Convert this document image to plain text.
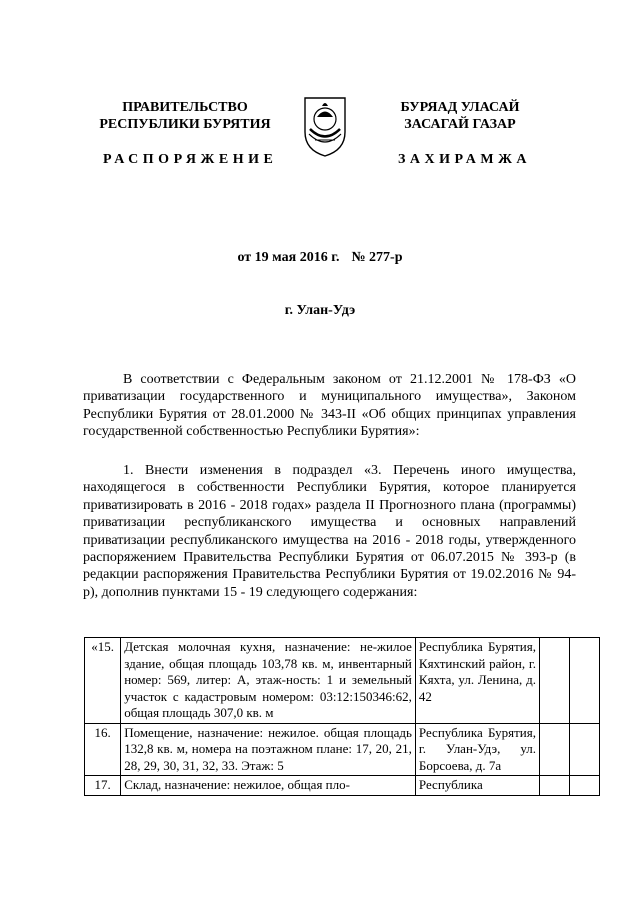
ПРАВИТЕЛЬСТВО
РЕСПУБЛИКИ БУРЯТИЯ
БУРЯАД УЛАСАЙ
ЗАСАГАЙ ГАЗАР
РАСПОРЯЖЕНИЕ	ЗАХИРАМЖА
от 19 мая 2016 г. № 277-р
г. Улан-Удэ
В соответствии с Федеральным законом от 21.12.2001 № 178-ФЗ «О приватизации государственного и муниципального имущества», Законом Республики Бурятия от 28.01.2000 № 343-II «Об общих принципах управления государственной собственностью Республики Бурятия»:
1. Внести изменения в подраздел «3. Перечень иного имущества, находящегося в собственности Республики Бурятия, которое планируется приватизировать в 2016 - 2018 годах» раздела II Прогнозного плана (программы) приватизации республиканского имущества и основных направлений приватизации республиканского имущества на 2016 - 2018 годы, утвержденного распоряжением Правительства Республики Бурятия от 06.07.2015 № 393-р (в редакции распоряжения Правительства Республики Бурятия от 19.02.2016 № 94-р), дополнив пунктами 15 - 19 следующего содержания:
«15.	Детская молочная кухня, назначение: не-жилое здание, общая площадь 103,78 кв. м, инвентарный номер: 569, литер: А, этаж-ность: 1 и земельный участок с кадастровым номером: 03:12:150346:62, общая площадь 307,0 кв. м	Республика Бурятия, Кяхтинский район, г. Кяхта, ул. Ленина, д. 42		
16.	Помещение, назначение: нежилое. общая площадь 132,8 кв. м, номера на поэтажном плане: 17, 20, 21, 28, 29, 30, 31, 32, 33. Этаж: 5	Республика Бурятия, г. Улан-Удэ, ул. Борсоева, д. 7а		
17.	Склад, назначение: нежилое, общая пло-	Республика		
